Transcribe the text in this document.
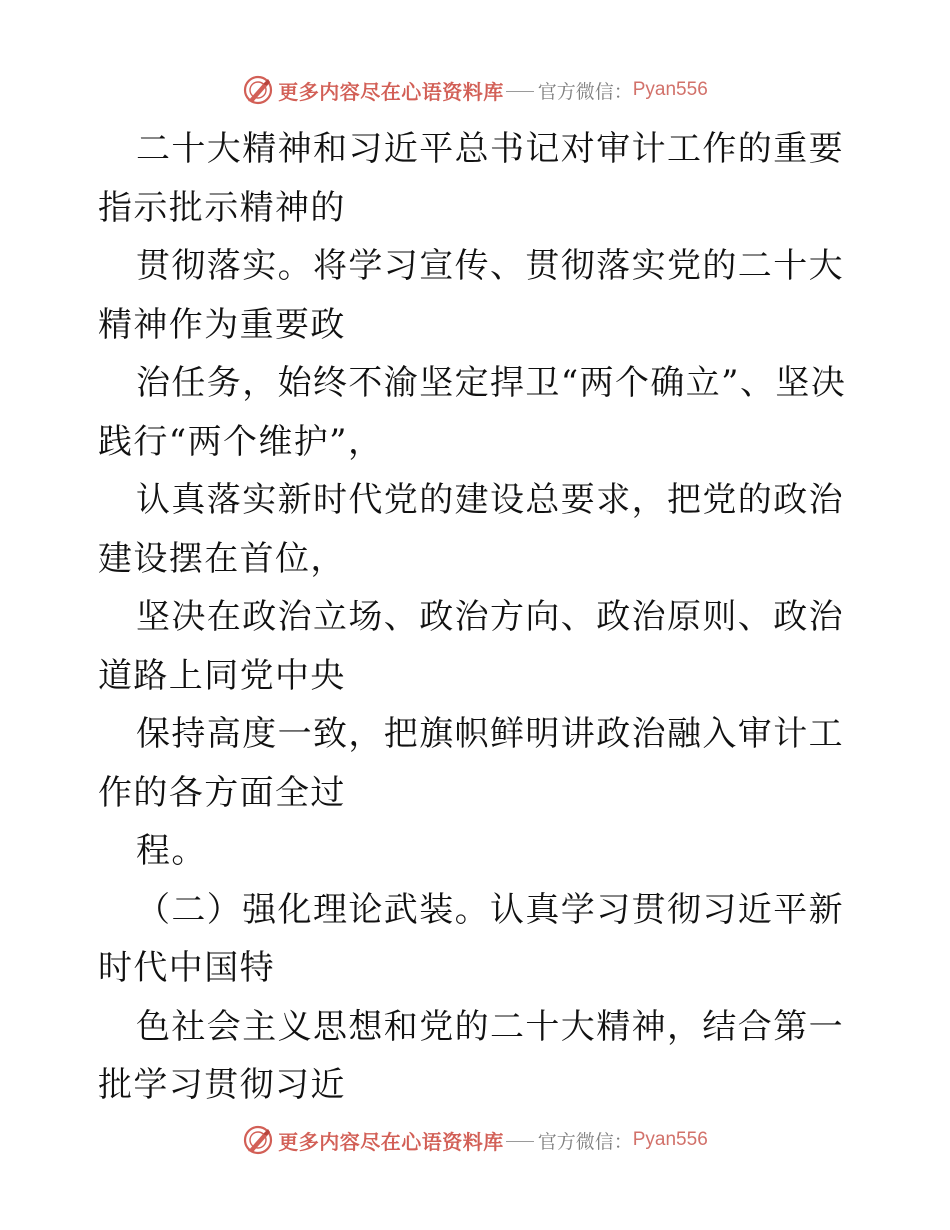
更多内容尽在心语资料库 官方微信： Pyan556

二十大精神和习近平总书记对审计工作的重要指示批示精神的

贯彻落实。将学习宣传、贯彻落实党的二十大精神作为重要政

治任务，始终不渝坚定捍卫“两个确立”、坚决践行“两个维护”，

认真落实新时代党的建设总要求，把党的政治建设摆在首位，

坚决在政治立场、政治方向、政治原则、政治道路上同党中央

保持高度一致，把旗帜鲜明讲政治融入审计工作的各方面全过

程。

（二）强化理论武装。认真学习贯彻习近平新时代中国特

色社会主义思想和党的二十大精神，结合第一批学习贯彻习近

更多内容尽在心语资料库 官方微信： Pyan556
